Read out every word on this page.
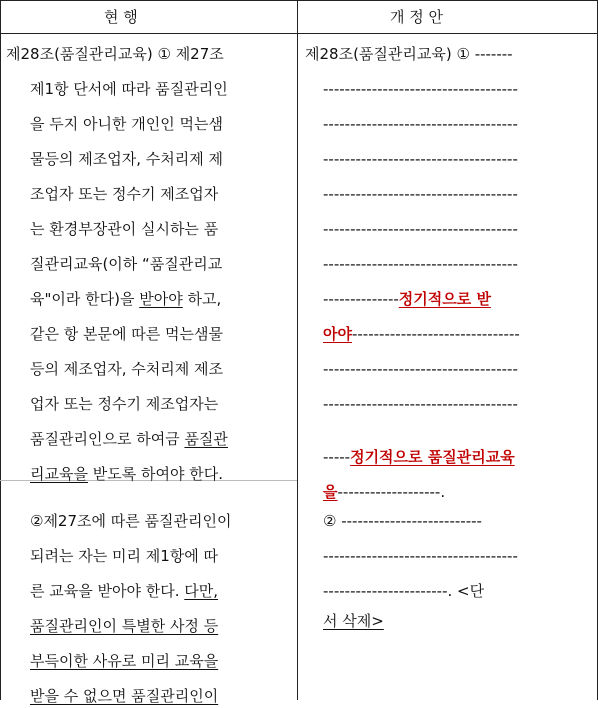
현 행	개 정 안
제28조(품질관리교육) ① 제27조
제1항 단서에 따라 품질관리인
을 두지 아니한 개인인 먹는샘
물등의 제조업자, 수처리제 제
조업자 또는 정수기 제조업자
는 환경부장관이 실시하는 품
질관리교육(이하 “품질관리교
육"이라 한다)을 받아야 하고,
같은 항 본문에 따른 먹는샘물
등의 제조업자, 수처리제 제조
업자 또는 정수기 제조업자는
품질관리인으로 하여금 품질관
리교육을 받도록 하여야 한다.
②제27조에 따른 품질관리인이
되려는 자는 미리 제1항에 따
른 교육을 받아야 한다. 다만,
품질관리인이 특별한 사정 등
부득이한 사유로 미리 교육을
받을 수 없으면 품질관리인이
제28조(품질관리교육) ① -------
------------------------------------
------------------------------------
------------------------------------
------------------------------------
------------------------------------
------------------------------------
--------------정기적으로 받
아야-------------------------------
------------------------------------
------------------------------------
-----정기적으로 품질관리교육
을-------------------.
② --------------------------
------------------------------------
-----------------------. <단
서 삭제>
